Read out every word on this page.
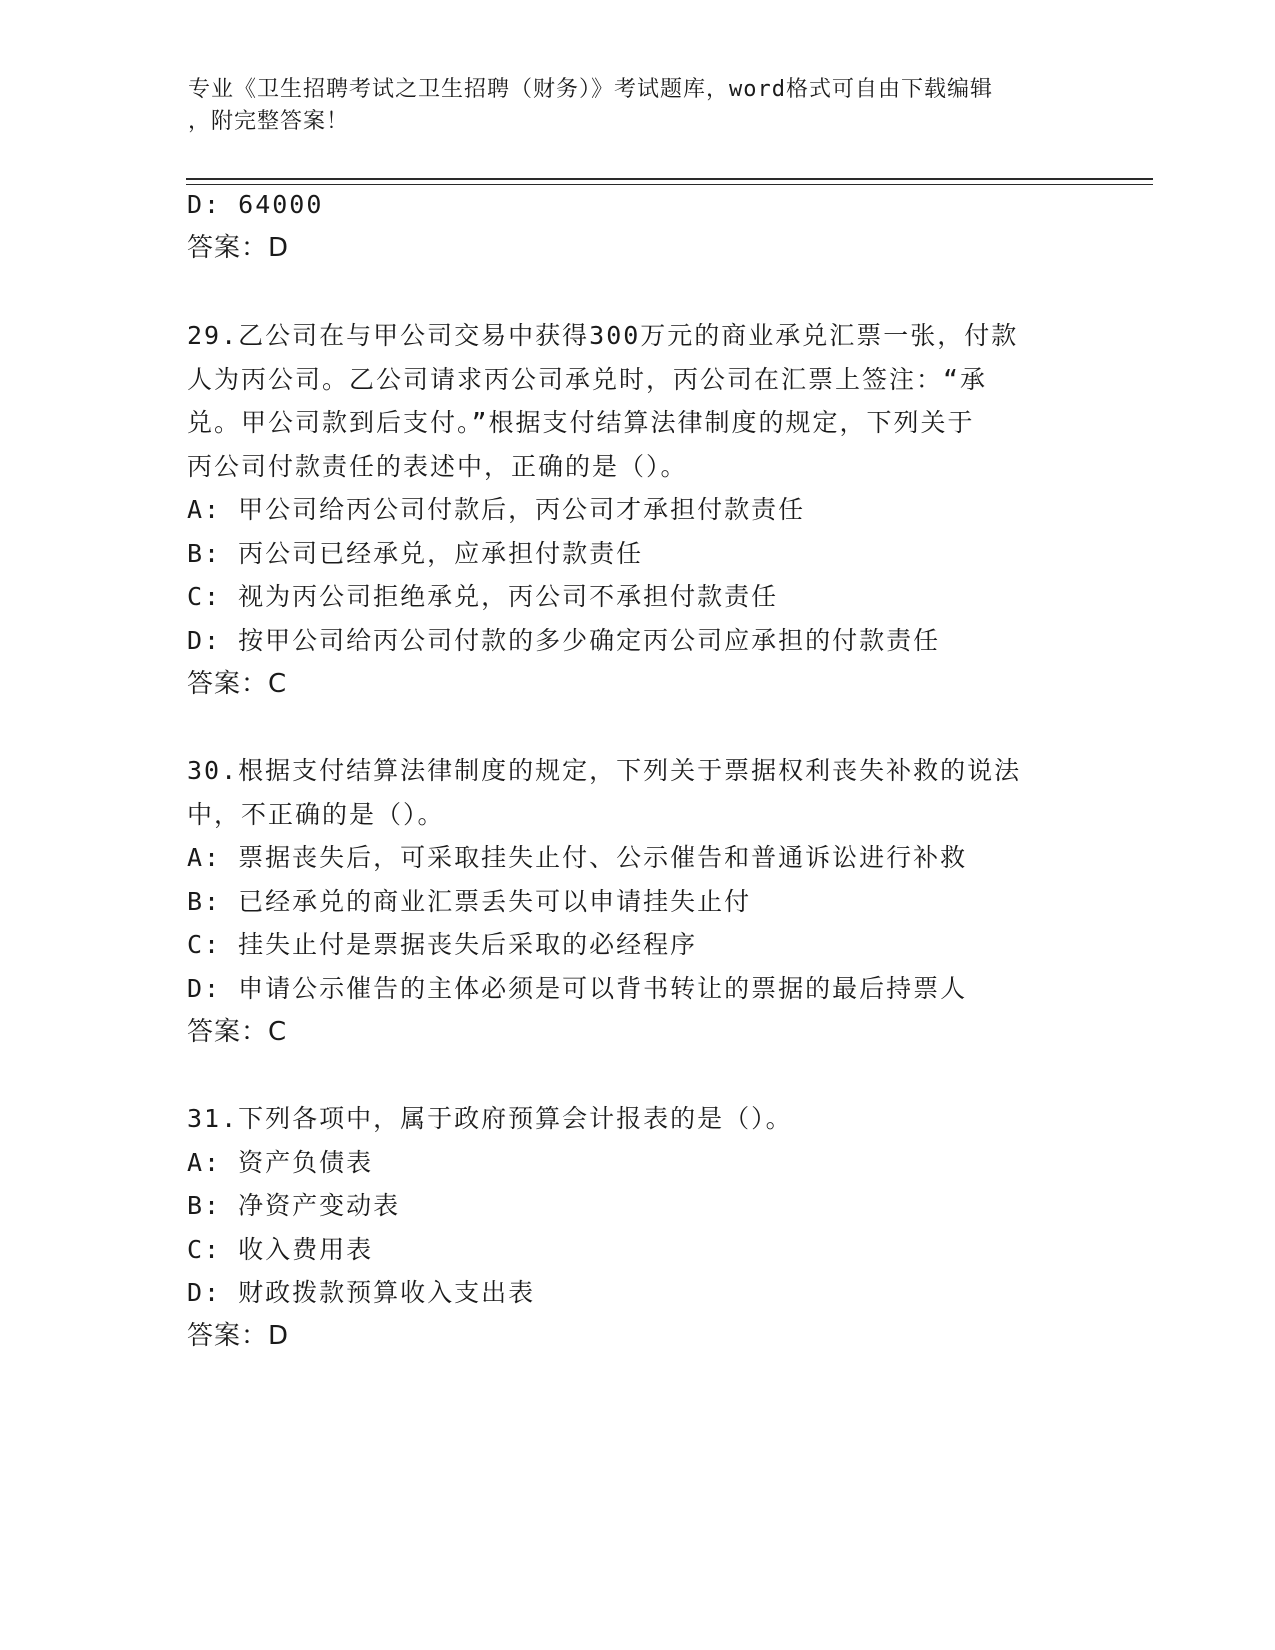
专业《卫生招聘考试之卫生招聘（财务）》考试题库，word格式可自由下载编辑
，附完整答案！
D: 64000
答案：D
29.乙公司在与甲公司交易中获得300万元的商业承兑汇票一张，付款
人为丙公司。乙公司请求丙公司承兑时，丙公司在汇票上签注：“承
兑。甲公司款到后支付。”根据支付结算法律制度的规定，下列关于
丙公司付款责任的表述中，正确的是（）。
A: 甲公司给丙公司付款后，丙公司才承担付款责任
B: 丙公司已经承兑，应承担付款责任
C: 视为丙公司拒绝承兑，丙公司不承担付款责任
D: 按甲公司给丙公司付款的多少确定丙公司应承担的付款责任
答案：C
30.根据支付结算法律制度的规定，下列关于票据权利丧失补救的说法
中，不正确的是（）。
A: 票据丧失后，可采取挂失止付、公示催告和普通诉讼进行补救
B: 已经承兑的商业汇票丢失可以申请挂失止付
C: 挂失止付是票据丧失后采取的必经程序
D: 申请公示催告的主体必须是可以背书转让的票据的最后持票人
答案：C
31.下列各项中，属于政府预算会计报表的是（）。
A: 资产负债表
B: 净资产变动表
C: 收入费用表
D: 财政拨款预算收入支出表
答案：D
